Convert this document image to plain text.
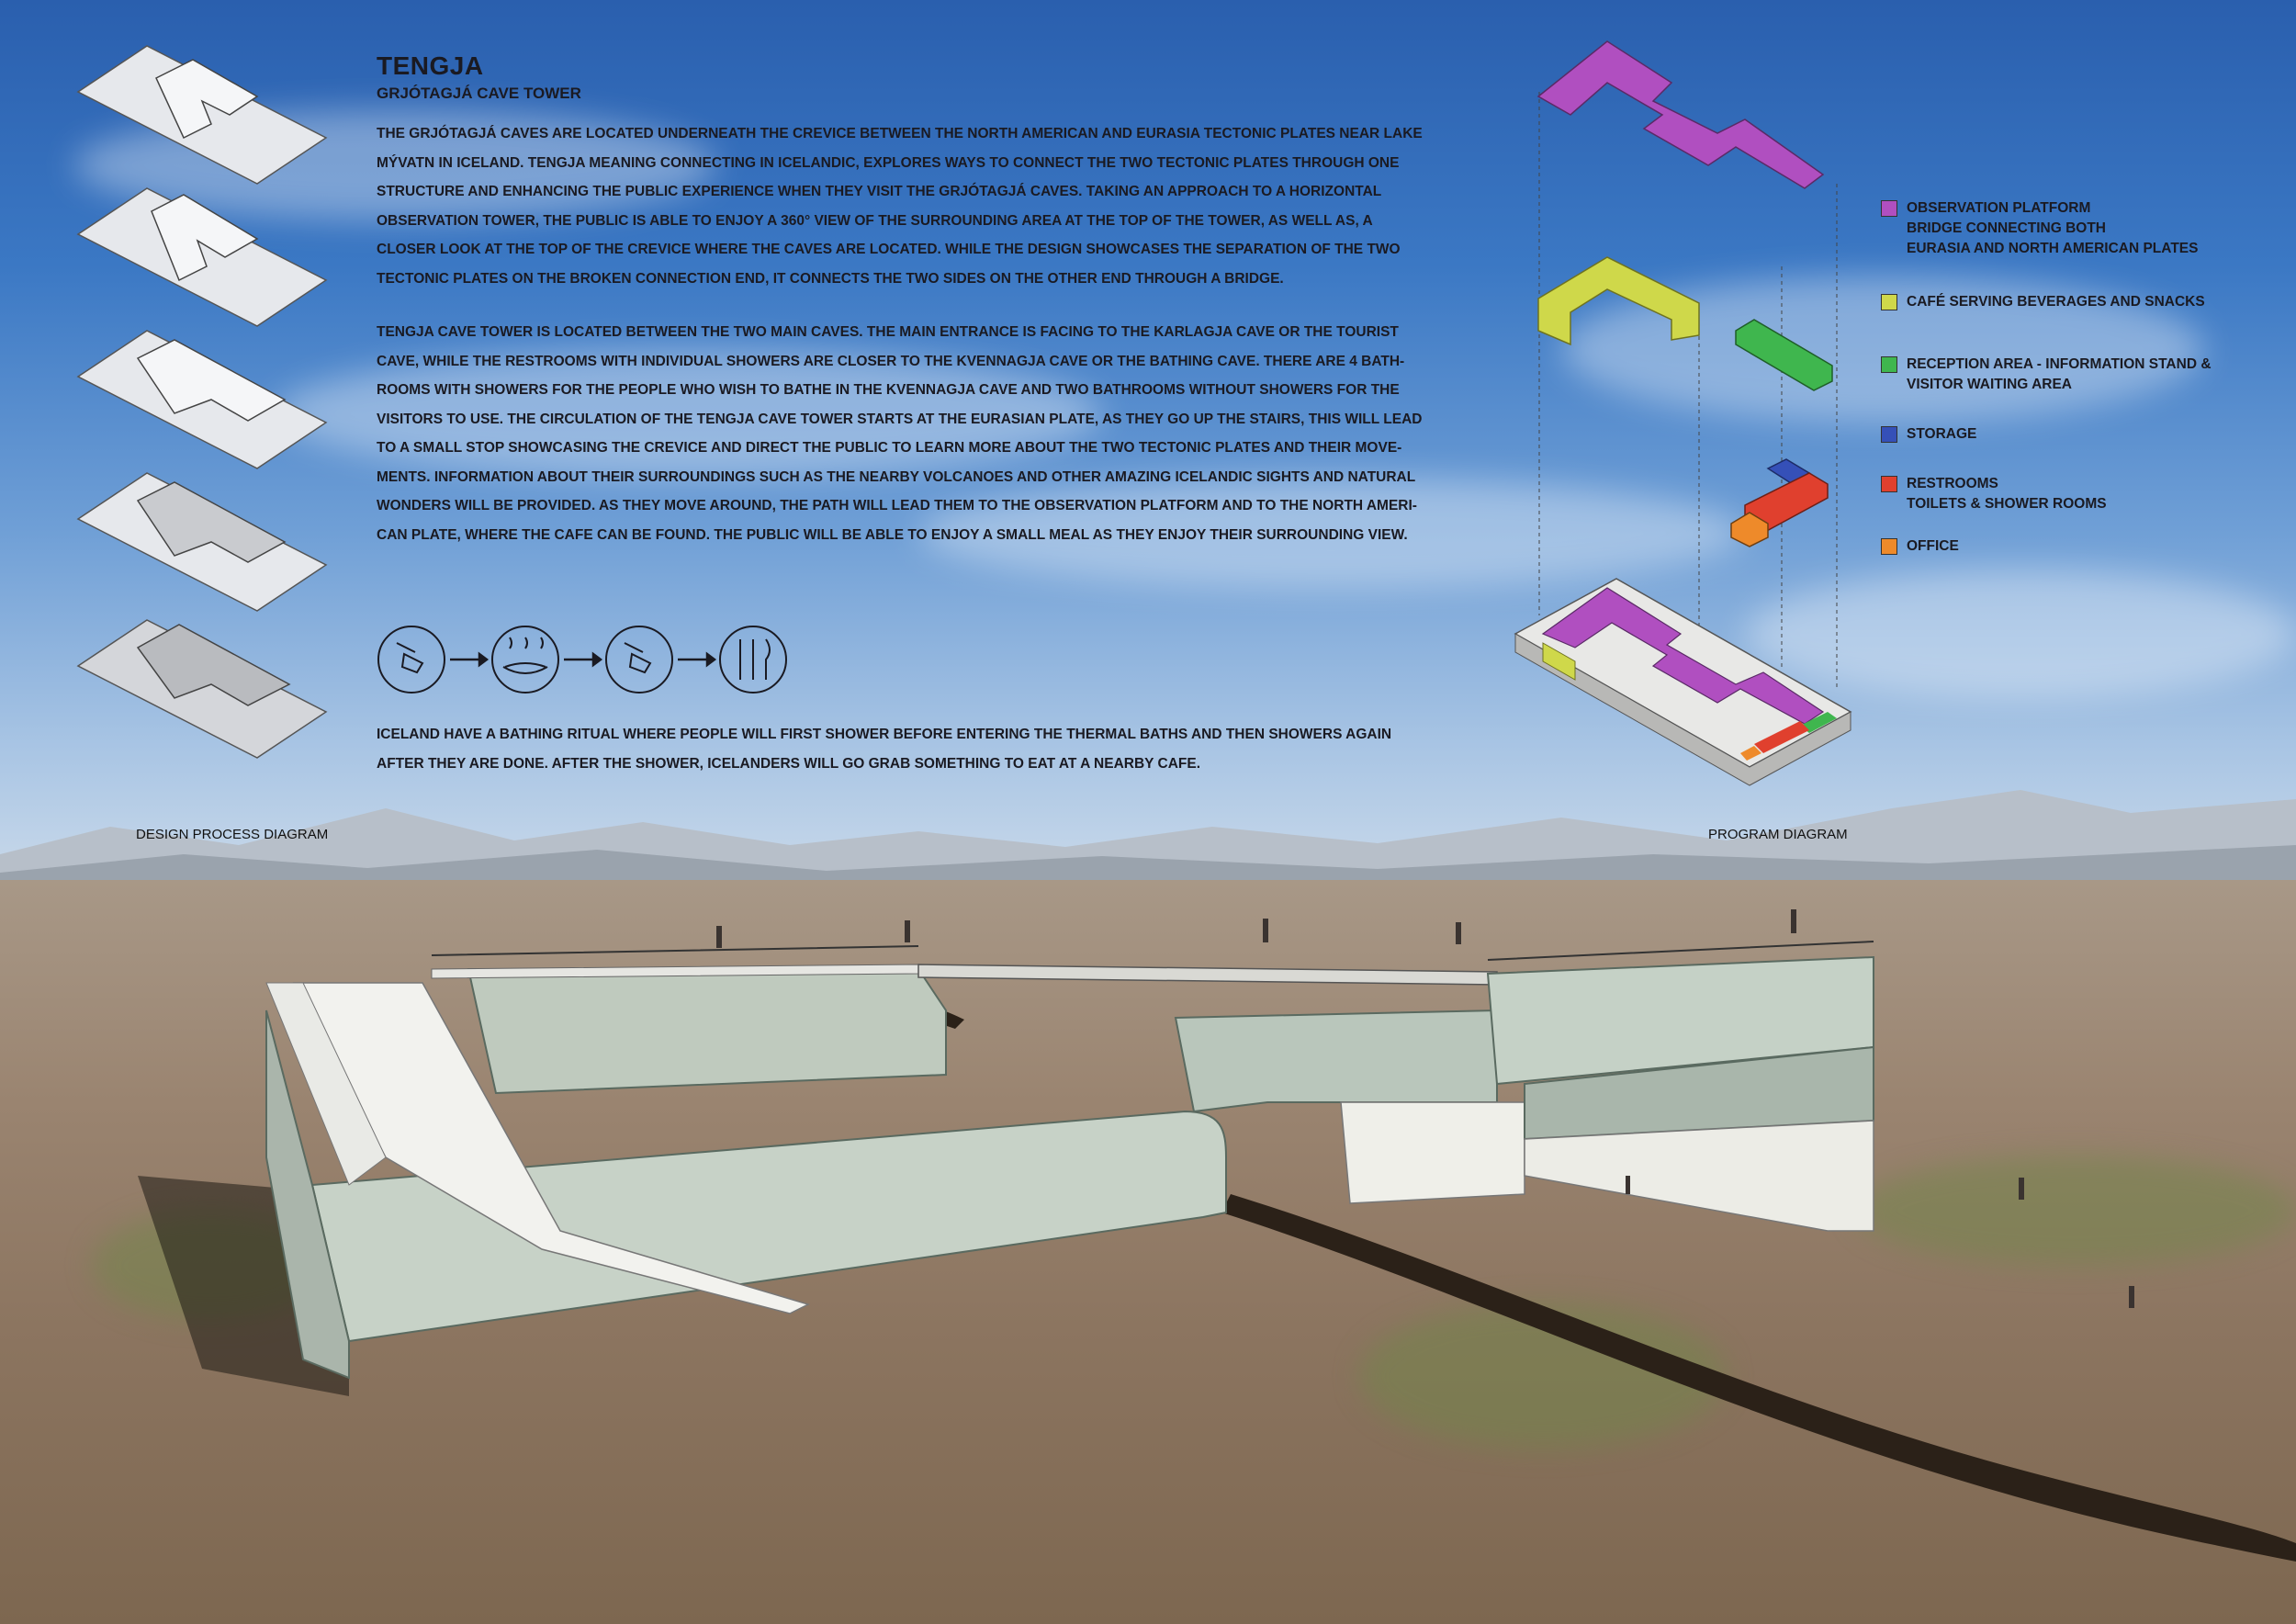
DESIGN PROCESS DIAGRAM
TENGJA
GRJÓTAGJÁ CAVE TOWER
THE GRJÓTAGJÁ CAVES ARE LOCATED UNDERNEATH THE CREVICE BETWEEN THE NORTH AMERICAN AND EURASIA TECTONIC PLATES NEAR LAKE
MÝVATN IN ICELAND. TENGJA MEANING CONNECTING IN ICELANDIC, EXPLORES WAYS TO CONNECT THE TWO TECTONIC PLATES THROUGH ONE
STRUCTURE AND ENHANCING THE PUBLIC EXPERIENCE WHEN THEY VISIT THE GRJÓTAGJÁ CAVES. TAKING AN APPROACH TO A HORIZONTAL
OBSERVATION TOWER, THE PUBLIC IS ABLE TO ENJOY A 360° VIEW OF THE SURROUNDING AREA AT THE TOP OF THE TOWER, AS WELL AS, A
CLOSER LOOK AT THE TOP OF THE CREVICE WHERE THE CAVES ARE LOCATED. WHILE THE DESIGN SHOWCASES THE SEPARATION OF THE TWO
TECTONIC PLATES ON THE BROKEN CONNECTION END, IT CONNECTS THE TWO SIDES ON THE OTHER END THROUGH A BRIDGE.
TENGJA CAVE TOWER IS LOCATED BETWEEN THE TWO MAIN CAVES. THE MAIN ENTRANCE IS FACING TO THE KARLAGJA CAVE OR THE TOURIST
CAVE, WHILE THE RESTROOMS WITH INDIVIDUAL SHOWERS ARE CLOSER TO THE KVENNAGJA CAVE OR THE BATHING CAVE. THERE ARE 4 BATH-
ROOMS WITH SHOWERS FOR THE PEOPLE WHO WISH TO BATHE IN THE KVENNAGJA CAVE AND TWO BATHROOMS WITHOUT SHOWERS FOR THE
VISITORS TO USE. THE CIRCULATION OF THE TENGJA CAVE TOWER STARTS AT THE EURASIAN PLATE, AS THEY GO UP THE STAIRS, THIS WILL LEAD
TO A SMALL STOP SHOWCASING THE CREVICE AND DIRECT THE PUBLIC TO LEARN MORE ABOUT THE TWO TECTONIC PLATES AND THEIR MOVE-
MENTS. INFORMATION ABOUT THEIR SURROUNDINGS SUCH AS THE NEARBY VOLCANOES AND OTHER AMAZING ICELANDIC SIGHTS AND NATURAL
WONDERS WILL BE PROVIDED. AS THEY MOVE AROUND, THE PATH WILL LEAD THEM TO THE OBSERVATION PLATFORM AND TO THE NORTH AMERI-
CAN PLATE, WHERE THE CAFE CAN BE FOUND. THE PUBLIC WILL BE ABLE TO ENJOY A SMALL MEAL AS THEY ENJOY THEIR SURROUNDING VIEW.
ICELAND HAVE A BATHING RITUAL WHERE PEOPLE WILL FIRST SHOWER BEFORE ENTERING THE THERMAL BATHS AND THEN SHOWERS AGAIN
AFTER THEY ARE DONE. AFTER THE SHOWER, ICELANDERS WILL GO GRAB SOMETHING TO EAT AT A NEARBY CAFE.
PROGRAM DIAGRAM
OBSERVATION PLATFORM
BRIDGE CONNECTING BOTH
EURASIA AND NORTH AMERICAN PLATES
CAFÉ SERVING BEVERAGES AND SNACKS
RECEPTION AREA - INFORMATION STAND &
VISITOR WAITING AREA
STORAGE
RESTROOMS
TOILETS & SHOWER ROOMS
OFFICE
